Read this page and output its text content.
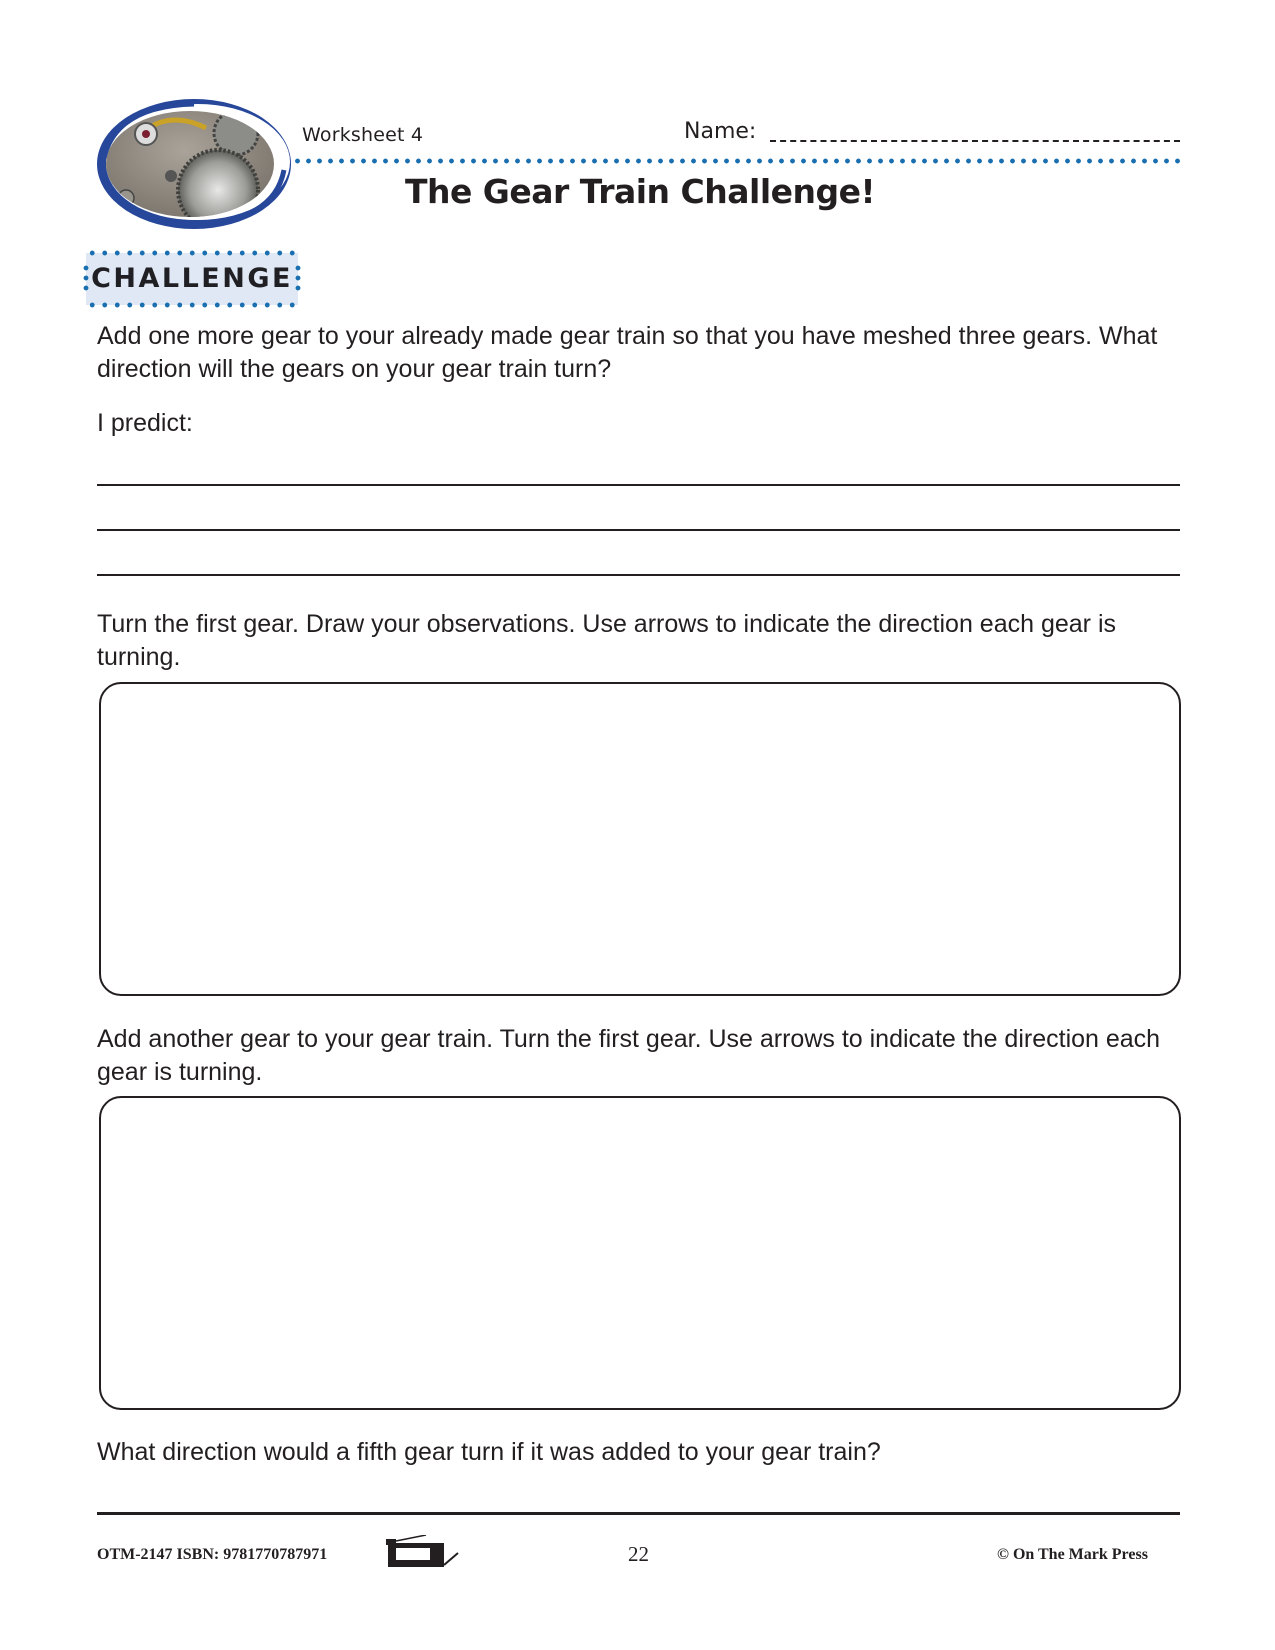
Worksheet 4	Name:
The Gear Train Challenge!
CHALLENGE
Add one more gear to your already made gear train so that you have meshed three gears. What direction will the gears on your gear train turn?
I predict:
Turn the first gear. Draw your observations. Use arrows to indicate the direction each gear is turning.
Add another gear to your gear train. Turn the first gear. Use arrows to indicate the direction each gear is turning.
What direction would a fifth gear turn if it was added to your gear train?
OTM-2147 ISBN: 9781770787971	22	© On The Mark Press
